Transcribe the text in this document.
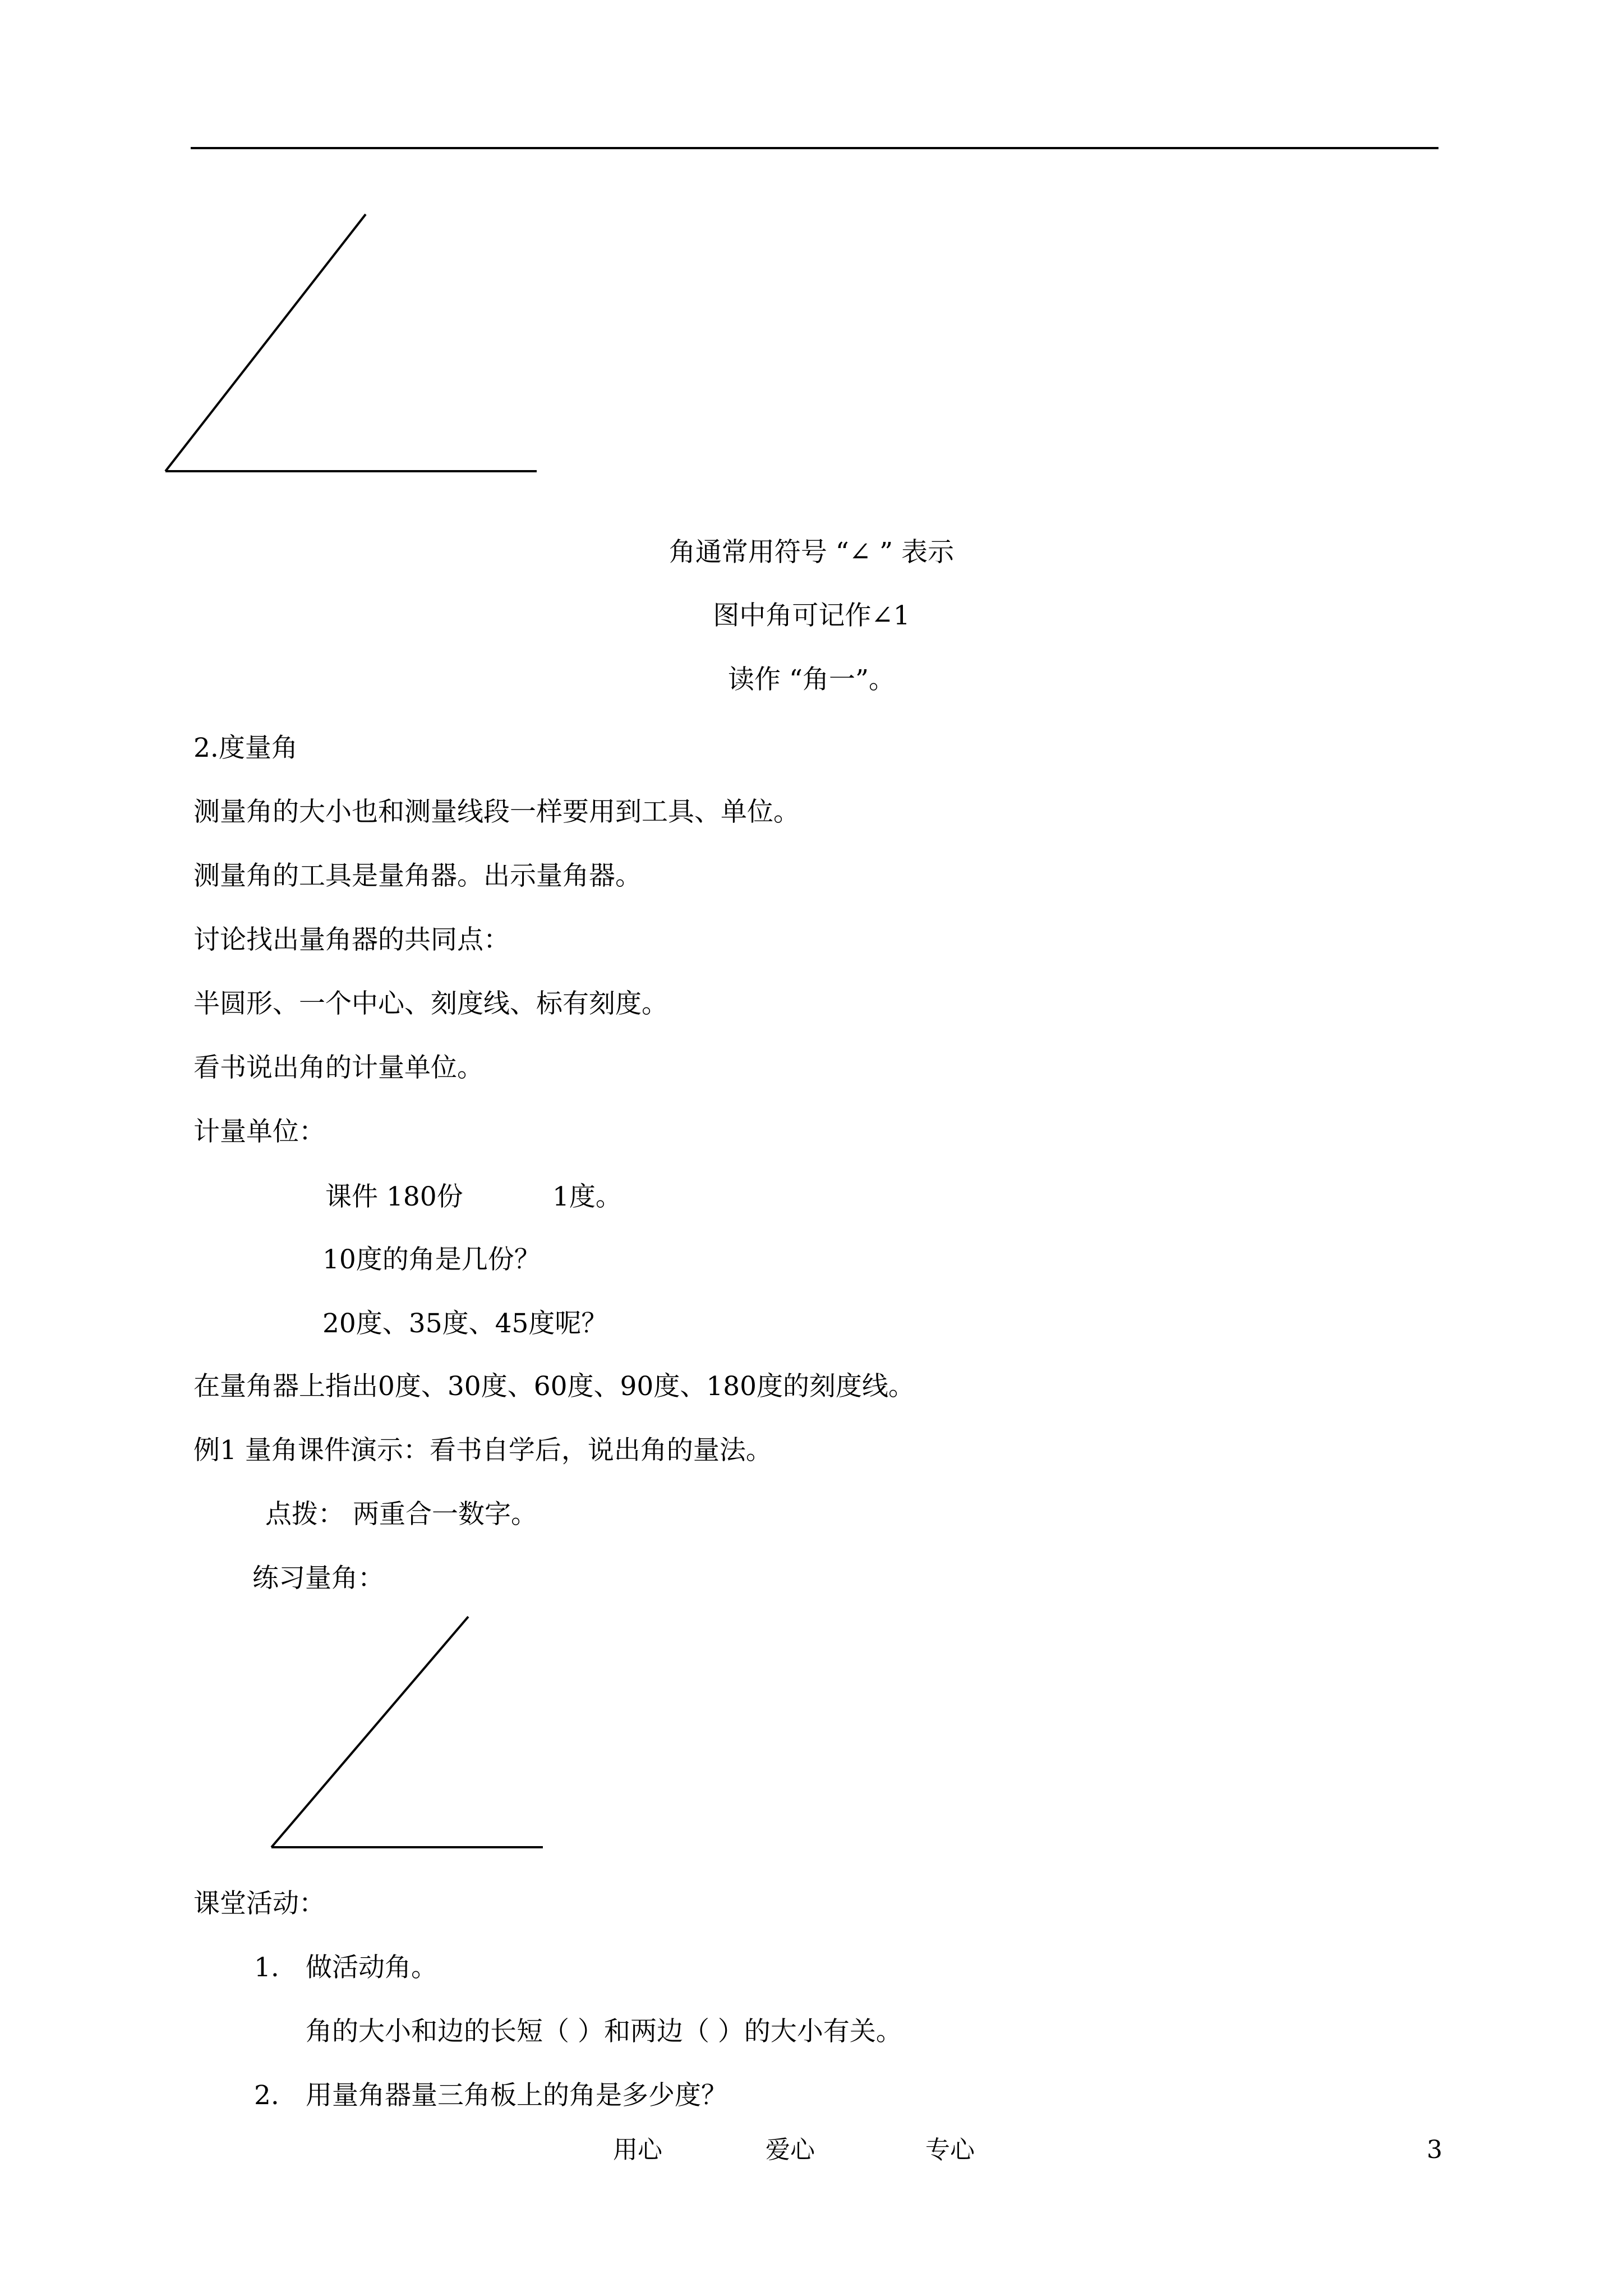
角通常用符号 “∠ ” 表示
图中角可记作∠1
读作 “角一”。
2.度量角
测量角的大小也和测量线段一样要用到工具、单位。
测量角的工具是量角器。出示量角器。
讨论找出量角器的共同点：
半圆形、一个中心、刻度线、标有刻度。
看书说出角的计量单位。
计量单位：
课件 180份	1度。
10度的角是几份？
20度、35度、45度呢？
在量角器上指出0度、30度、60度、90度、180度的刻度线。
例1 量角课件演示：看书自学后，说出角的量法。
点拨： 两重合一数字。
练习量角：
课堂活动：
1. 做活动角。
角的大小和边的长短（ ）和两边（ ）的大小有关。
2. 用量角器量三角板上的角是多少度？
用心	爱心	专心	3
